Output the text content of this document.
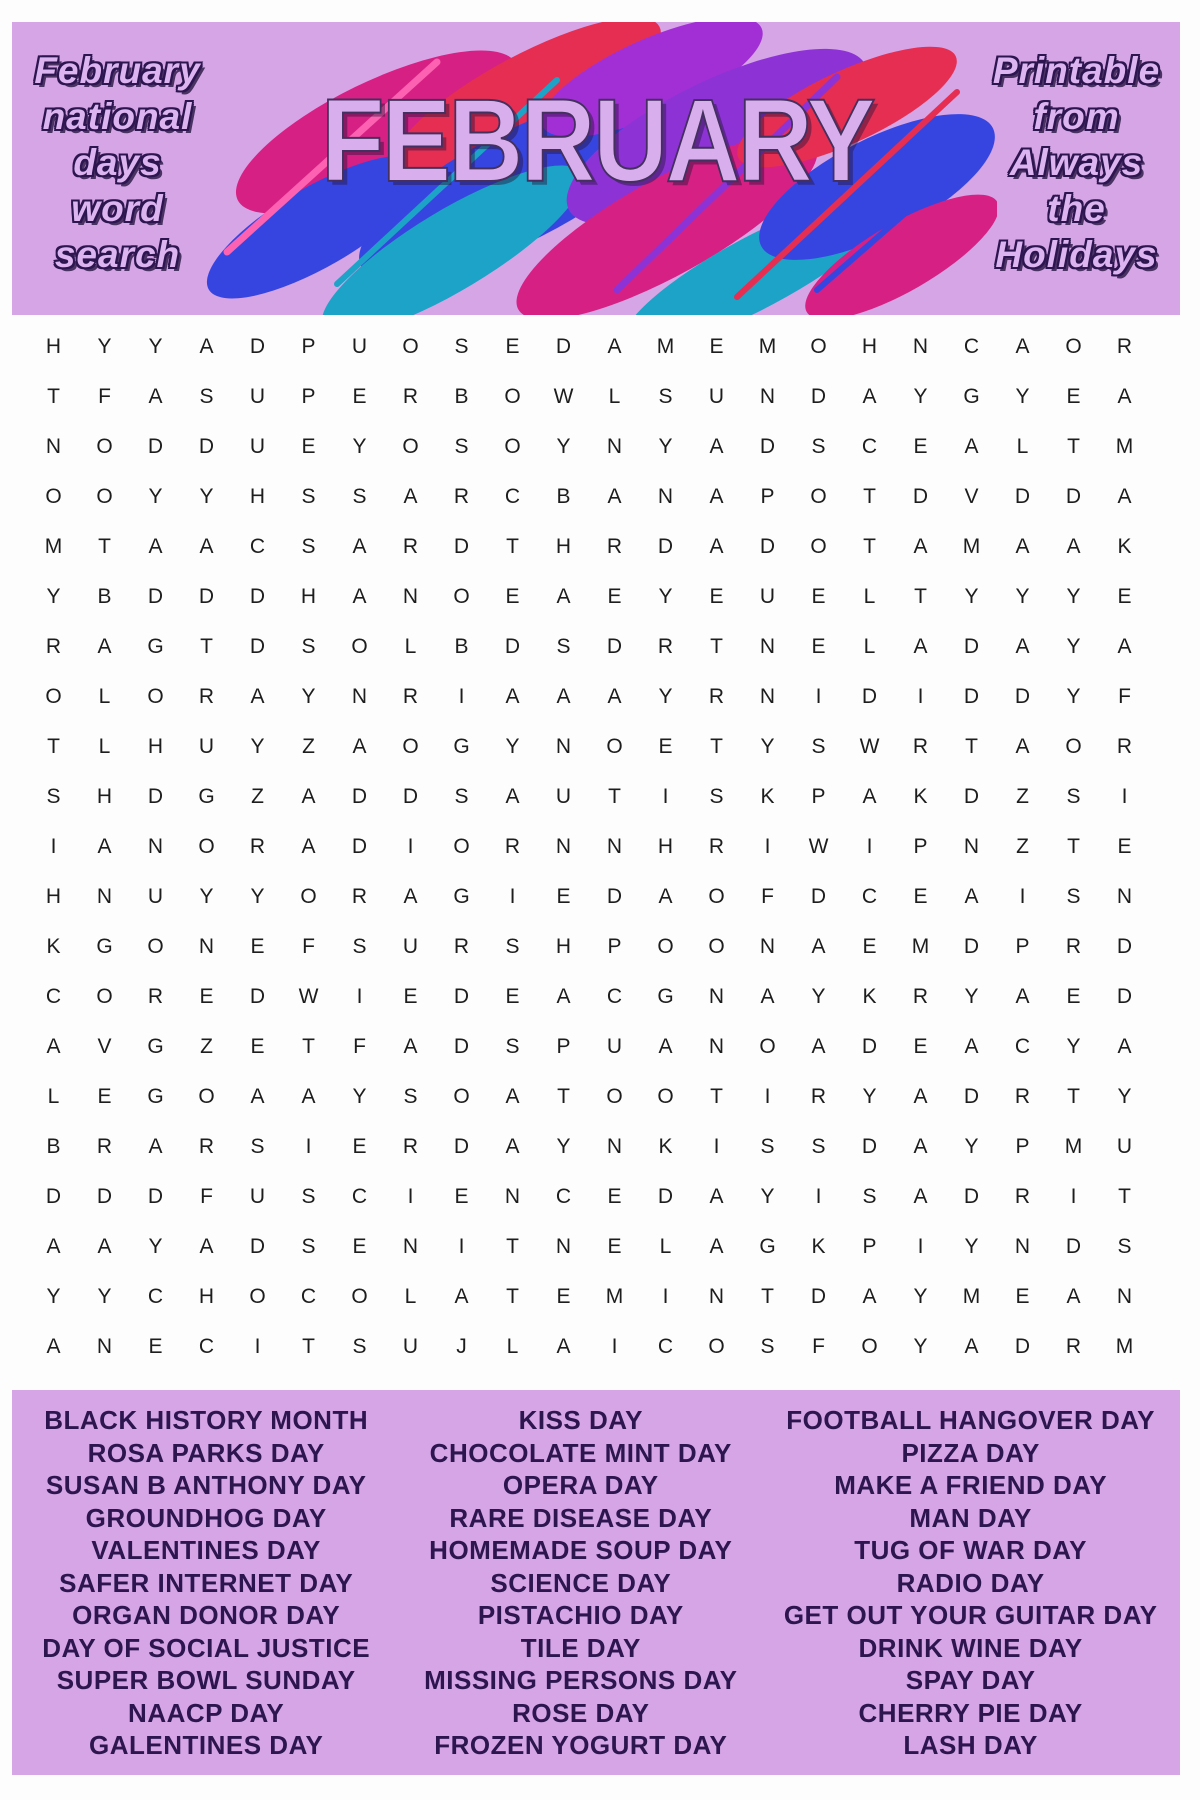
February
national
days
word
search
FEBRUARY
Printable
from
Always
the
Holidays
H	Y	Y	A	D	P	U	O	S	E	D	A	M	E	M	O	H	N	C	A	O	R
T	F	A	S	U	P	E	R	B	O	W	L	S	U	N	D	A	Y	G	Y	E	A
N	O	D	D	U	E	Y	O	S	O	Y	N	Y	A	D	S	C	E	A	L	T	M
O	O	Y	Y	H	S	S	A	R	C	B	A	N	A	P	O	T	D	V	D	D	A
M	T	A	A	C	S	A	R	D	T	H	R	D	A	D	O	T	A	M	A	A	K
Y	B	D	D	D	H	A	N	O	E	A	E	Y	E	U	E	L	T	Y	Y	Y	E
R	A	G	T	D	S	O	L	B	D	S	D	R	T	N	E	L	A	D	A	Y	A
O	L	O	R	A	Y	N	R	I	A	A	A	Y	R	N	I	D	I	D	D	Y	F
T	L	H	U	Y	Z	A	O	G	Y	N	O	E	T	Y	S	W	R	T	A	O	R
S	H	D	G	Z	A	D	D	S	A	U	T	I	S	K	P	A	K	D	Z	S	I
I	A	N	O	R	A	D	I	O	R	N	N	H	R	I	W	I	P	N	Z	T	E
H	N	U	Y	Y	O	R	A	G	I	E	D	A	O	F	D	C	E	A	I	S	N
K	G	O	N	E	F	S	U	R	S	H	P	O	O	N	A	E	M	D	P	R	D
C	O	R	E	D	W	I	E	D	E	A	C	G	N	A	Y	K	R	Y	A	E	D
A	V	G	Z	E	T	F	A	D	S	P	U	A	N	O	A	D	E	A	C	Y	A
L	E	G	O	A	A	Y	S	O	A	T	O	O	T	I	R	Y	A	D	R	T	Y
B	R	A	R	S	I	E	R	D	A	Y	N	K	I	S	S	D	A	Y	P	M	U
D	D	D	F	U	S	C	I	E	N	C	E	D	A	Y	I	S	A	D	R	I	T
A	A	Y	A	D	S	E	N	I	T	N	E	L	A	G	K	P	I	Y	N	D	S
Y	Y	C	H	O	C	O	L	A	T	E	M	I	N	T	D	A	Y	M	E	A	N
A	N	E	C	I	T	S	U	J	L	A	I	C	O	S	F	O	Y	A	D	R	M
BLACK HISTORY MONTH
ROSA PARKS DAY
SUSAN B ANTHONY DAY
GROUNDHOG DAY
VALENTINES DAY
SAFER INTERNET DAY
ORGAN DONOR DAY
DAY OF SOCIAL JUSTICE
SUPER BOWL SUNDAY
NAACP DAY
GALENTINES DAY
KISS DAY
CHOCOLATE MINT DAY
OPERA DAY
RARE DISEASE DAY
HOMEMADE SOUP DAY
SCIENCE DAY
PISTACHIO DAY
TILE DAY
MISSING PERSONS DAY
ROSE DAY
FROZEN YOGURT DAY
FOOTBALL HANGOVER DAY
PIZZA DAY
MAKE A FRIEND DAY
MAN DAY
TUG OF WAR DAY
RADIO DAY
GET OUT YOUR GUITAR DAY
DRINK WINE DAY
SPAY DAY
CHERRY PIE DAY
LASH DAY
